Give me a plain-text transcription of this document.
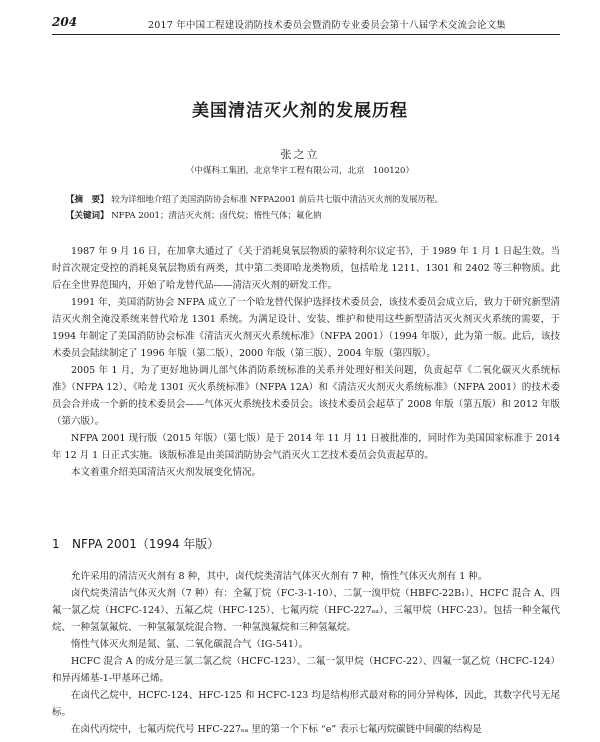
204	2017 年中国工程建设消防技术委员会暨消防专业委员会第十八届学术交流会论文集
美国清洁灭火剂的发展历程
张之立
（中煤科工集团，北京华宇工程有限公司，北京　100120）
【摘　要】 较为详细地介绍了美国消防协会标准 NFPA2001 前后共七版中清洁灭火剂的发展历程。
【关键词】 NFPA 2001；清洁灭火剂；卤代烷；惰性气体；氟化钠

1987 年 9 月 16 日，在加拿大通过了《关于消耗臭氧层物质的蒙特利尔议定书》，于 1989 年 1 月 1 日起生效。当时首次规定受控的消耗臭氧层物质有两类，其中第二类即哈龙类物质，包括哈龙 1211、1301 和 2402 等三种物质。此后在全世界范围内，开始了哈龙替代品——清洁灭火剂的研发工作。

1991 年，美国消防协会 NFPA 成立了一个哈龙替代保护选择技术委员会，该技术委员会成立后，致力于研究新型清洁灭火剂全淹没系统来替代哈龙 1301 系统。为满足设计、安装、维护和使用这些新型清洁灭火剂灭火系统的需要，于 1994 年制定了美国消防协会标准《清洁灭火剂灭火系统标准》（NFPA 2001）（1994 年版），此为第一版。此后，该技术委员会陆续制定了 1996 年版（第二版）、2000 年版（第三版）、2004 年版（第四版）。

2005 年 1 月，为了更好地协调儿部气体消防系统标准的关系并处理好相关问题，负责起草《二氧化碳灭火系统标准》（NFPA 12）、《哈龙 1301 灭火系统标准》（NFPA 12A）和《清洁灭火剂灭火系统标准》（NFPA 2001）的技术委员会合并成一个新的技术委员会——气体灭火系统技术委员会。该技术委员会起草了 2008 年版（第五版）和 2012 年版（第六版）。

NFPA 2001 现行版（2015 年版）（第七版）是于 2014 年 11 月 11 日被批准的，同时作为美国国家标准于 2014 年 12 月 1 日正式实施。该版标准是由美国消防协会气消灭火工艺技术委员会负责起草的。

本文着重介绍美国清洁灭火剂发展变化情况。

1 NFPA 2001（1994 年版）

允许采用的清洁灭火剂有 8 种，其中，卤代烷类清洁气体灭火剂有 7 种，惰性气体灭火剂有 1 种。

卤代烷类清洁气体灭火剂（7 种）有：全氟丁烷（FC-3-1-10）、二氯一溴甲烷（HBFC-22B₁）、HCFC 混合 A、四氟一氯乙烷（HCFC-124）、五氟乙烷（HFC-125）、七氟丙烷（HFC-227ₑₐ）、三氟甲烷（HFC-23）。包括一种全氟代烷、一种氢氯氟烷、一种氢氟氯烷混合物、一种氢溴氟烷和三种氢氟烷。

惰性气体灭火剂是氮、氩、二氧化碳混合气（IG-541）。

HCFC 混合 A 的成分是三氯二氯乙烷（HCFC-123）、二氟一氯甲烷（HCFC-22）、四氟一氯乙烷（HCFC-124）和异丙烯基-1-甲基环己烯。

在卤代乙烷中，HCFC-124、HFC-125 和 HCFC-123 均是结构形式最对称的同分异构体，因此，其数字代号无尾标。

在卤代丙烷中，七氟丙烷代号 HFC-227ₑₐ 里的第一个下标 “e” 表示七氟丙烷碳链中间碳的结构是
